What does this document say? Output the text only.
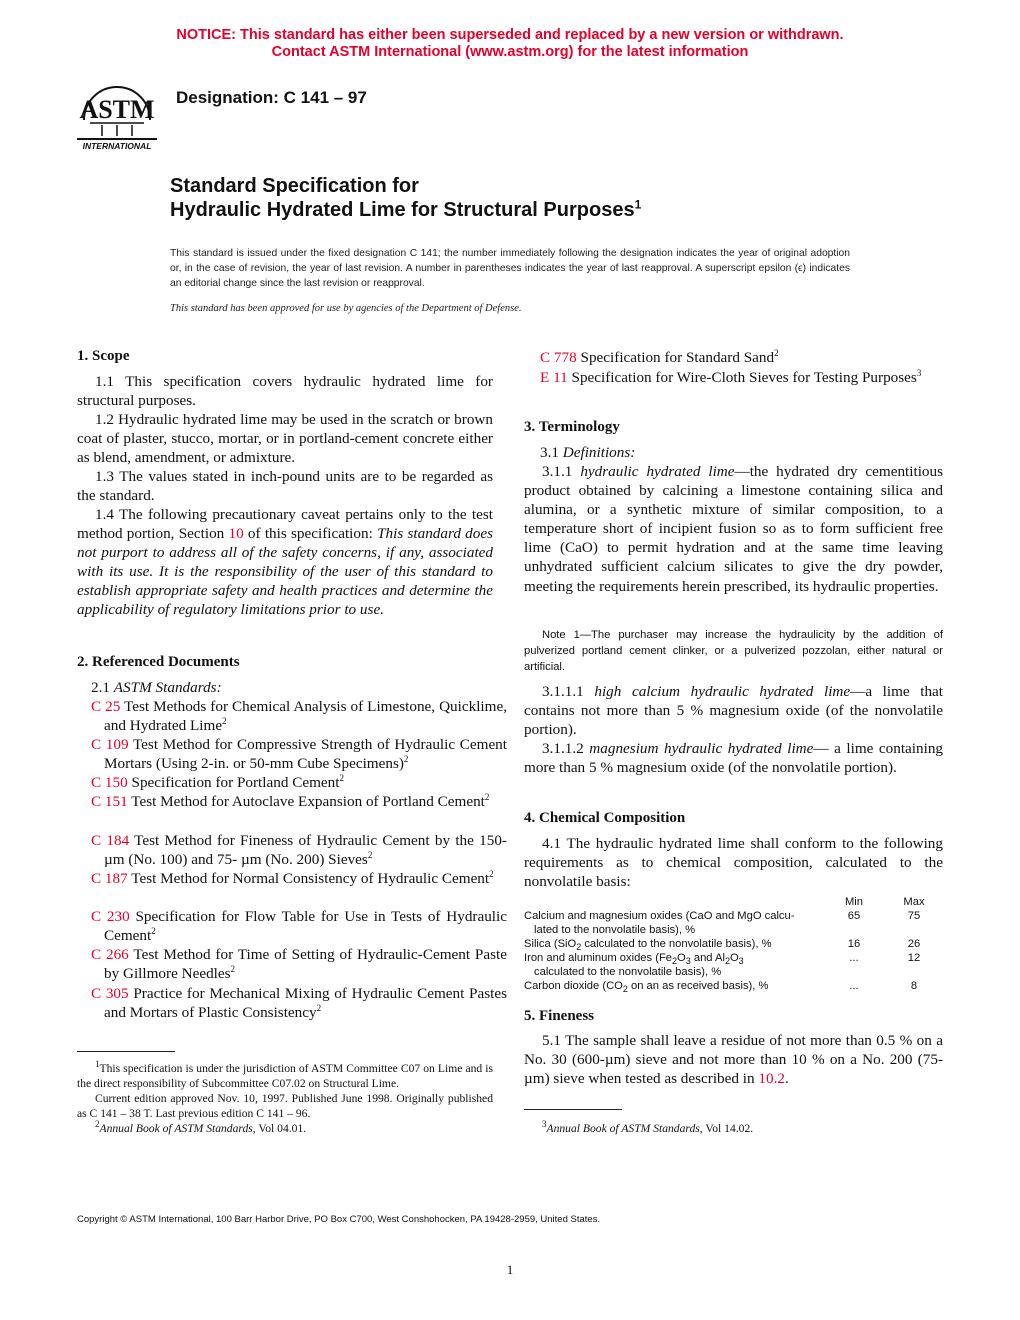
NOTICE: This standard has either been superseded and replaced by a new version or withdrawn.
Contact ASTM International (www.astm.org) for the latest information
ASTM
INTERNATIONAL
Designation: C 141 – 97
Standard Specification for
Hydraulic Hydrated Lime for Structural Purposes$^1$
This standard is issued under the fixed designation C 141; the number immediately following the designation indicates the year of original adoption or, in the case of revision, the year of last revision. A number in parentheses indicates the year of last reapproval. A superscript epsilon (ϵ) indicates an editorial change since the last revision or reapproval.
This standard has been approved for use by agencies of the Department of Defense.
1. Scope

1.1 This specification covers hydraulic hydrated lime for structural purposes.

1.2 Hydraulic hydrated lime may be used in the scratch or brown coat of plaster, stucco, mortar, or in portland-cement concrete either as blend, amendment, or admixture.

1.3 The values stated in inch-pound units are to be regarded as the standard.

1.4 The following precautionary caveat pertains only to the test method portion, Section 10 of this specification: This standard does not purport to address all of the safety concerns, if any, associated with its use. It is the responsibility of the user of this standard to establish appropriate safety and health practices and determine the applicability of regulatory limitations prior to use.

2. Referenced Documents

2.1 ASTM Standards:

C 25 Test Methods for Chemical Analysis of Limestone, Quicklime, and Hydrated Lime$^2$

C 109 Test Method for Compressive Strength of Hydraulic Cement Mortars (Using 2-in. or 50-mm Cube Specimens)$^2$

C 150 Specification for Portland Cement$^2$

C 151 Test Method for Autoclave Expansion of Portland Cement$^2$

C 184 Test Method for Fineness of Hydraulic Cement by the 150-µm (No. 100) and 75- µm (No. 200) Sieves$^2$

C 187 Test Method for Normal Consistency of Hydraulic Cement$^2$

C 230 Specification for Flow Table for Use in Tests of Hydraulic Cement$^2$

C 266 Test Method for Time of Setting of Hydraulic-Cement Paste by Gillmore Needles$^2$

C 305 Practice for Mechanical Mixing of Hydraulic Cement Pastes and Mortars of Plastic Consistency$^2$

$^1$This specification is under the jurisdiction of ASTM Committee C07 on Lime and is the direct responsibility of Subcommittee C07.02 on Structural Lime.

Current edition approved Nov. 10, 1997. Published June 1998. Originally published as C 141 – 38 T. Last previous edition C 141 – 96.

$^2$Annual Book of ASTM Standards, Vol 04.01.

C 778 Specification for Standard Sand$^2$

E 11 Specification for Wire-Cloth Sieves for Testing Purposes$^3$

3. Terminology

3.1 Definitions:

3.1.1 hydraulic hydrated lime—the hydrated dry cementitious product obtained by calcining a limestone containing silica and alumina, or a synthetic mixture of similar composition, to a temperature short of incipient fusion so as to form sufficient free lime (CaO) to permit hydration and at the same time leaving unhydrated sufficient calcium silicates to give the dry powder, meeting the requirements herein prescribed, its hydraulic properties.

Note 1—The purchaser may increase the hydraulicity by the addition of pulverized portland cement clinker, or a pulverized pozzolan, either natural or artificial.

3.1.1.1 high calcium hydraulic hydrated lime—a lime that contains not more than 5 % magnesium oxide (of the nonvolatile portion).

3.1.1.2 magnesium hydraulic hydrated lime— a lime containing more than 5 % magnesium oxide (of the nonvolatile portion).

4. Chemical Composition

4.1 The hydraulic hydrated lime shall conform to the following requirements as to chemical composition, calculated to the nonvolatile basis:

	Min	Max
Calcium and magnesium oxides (CaO and MgO calcu-
lated to the nonvolatile basis), %	65	75
Silica (SiO$_2$ calculated to the nonvolatile basis), %	16	26
Iron and aluminum oxides ($Fe_2O_3$ and $Al_2O_3$
calculated to the nonvolatile basis), %	...	12
Carbon dioxide ($CO_2$ on an as received basis), %	...	8
5. Fineness

5.1 The sample shall leave a residue of not more than 0.5 % on a No. 30 (600-µm) sieve and not more than 10 % on a No. 200 (75-µm) sieve when tested as described in 10.2.

$^3$Annual Book of ASTM Standards, Vol 14.02.

Copyright © ASTM International, 100 Barr Harbor Drive, PO Box C700, West Conshohocken, PA 19428-2959, United States.
1
